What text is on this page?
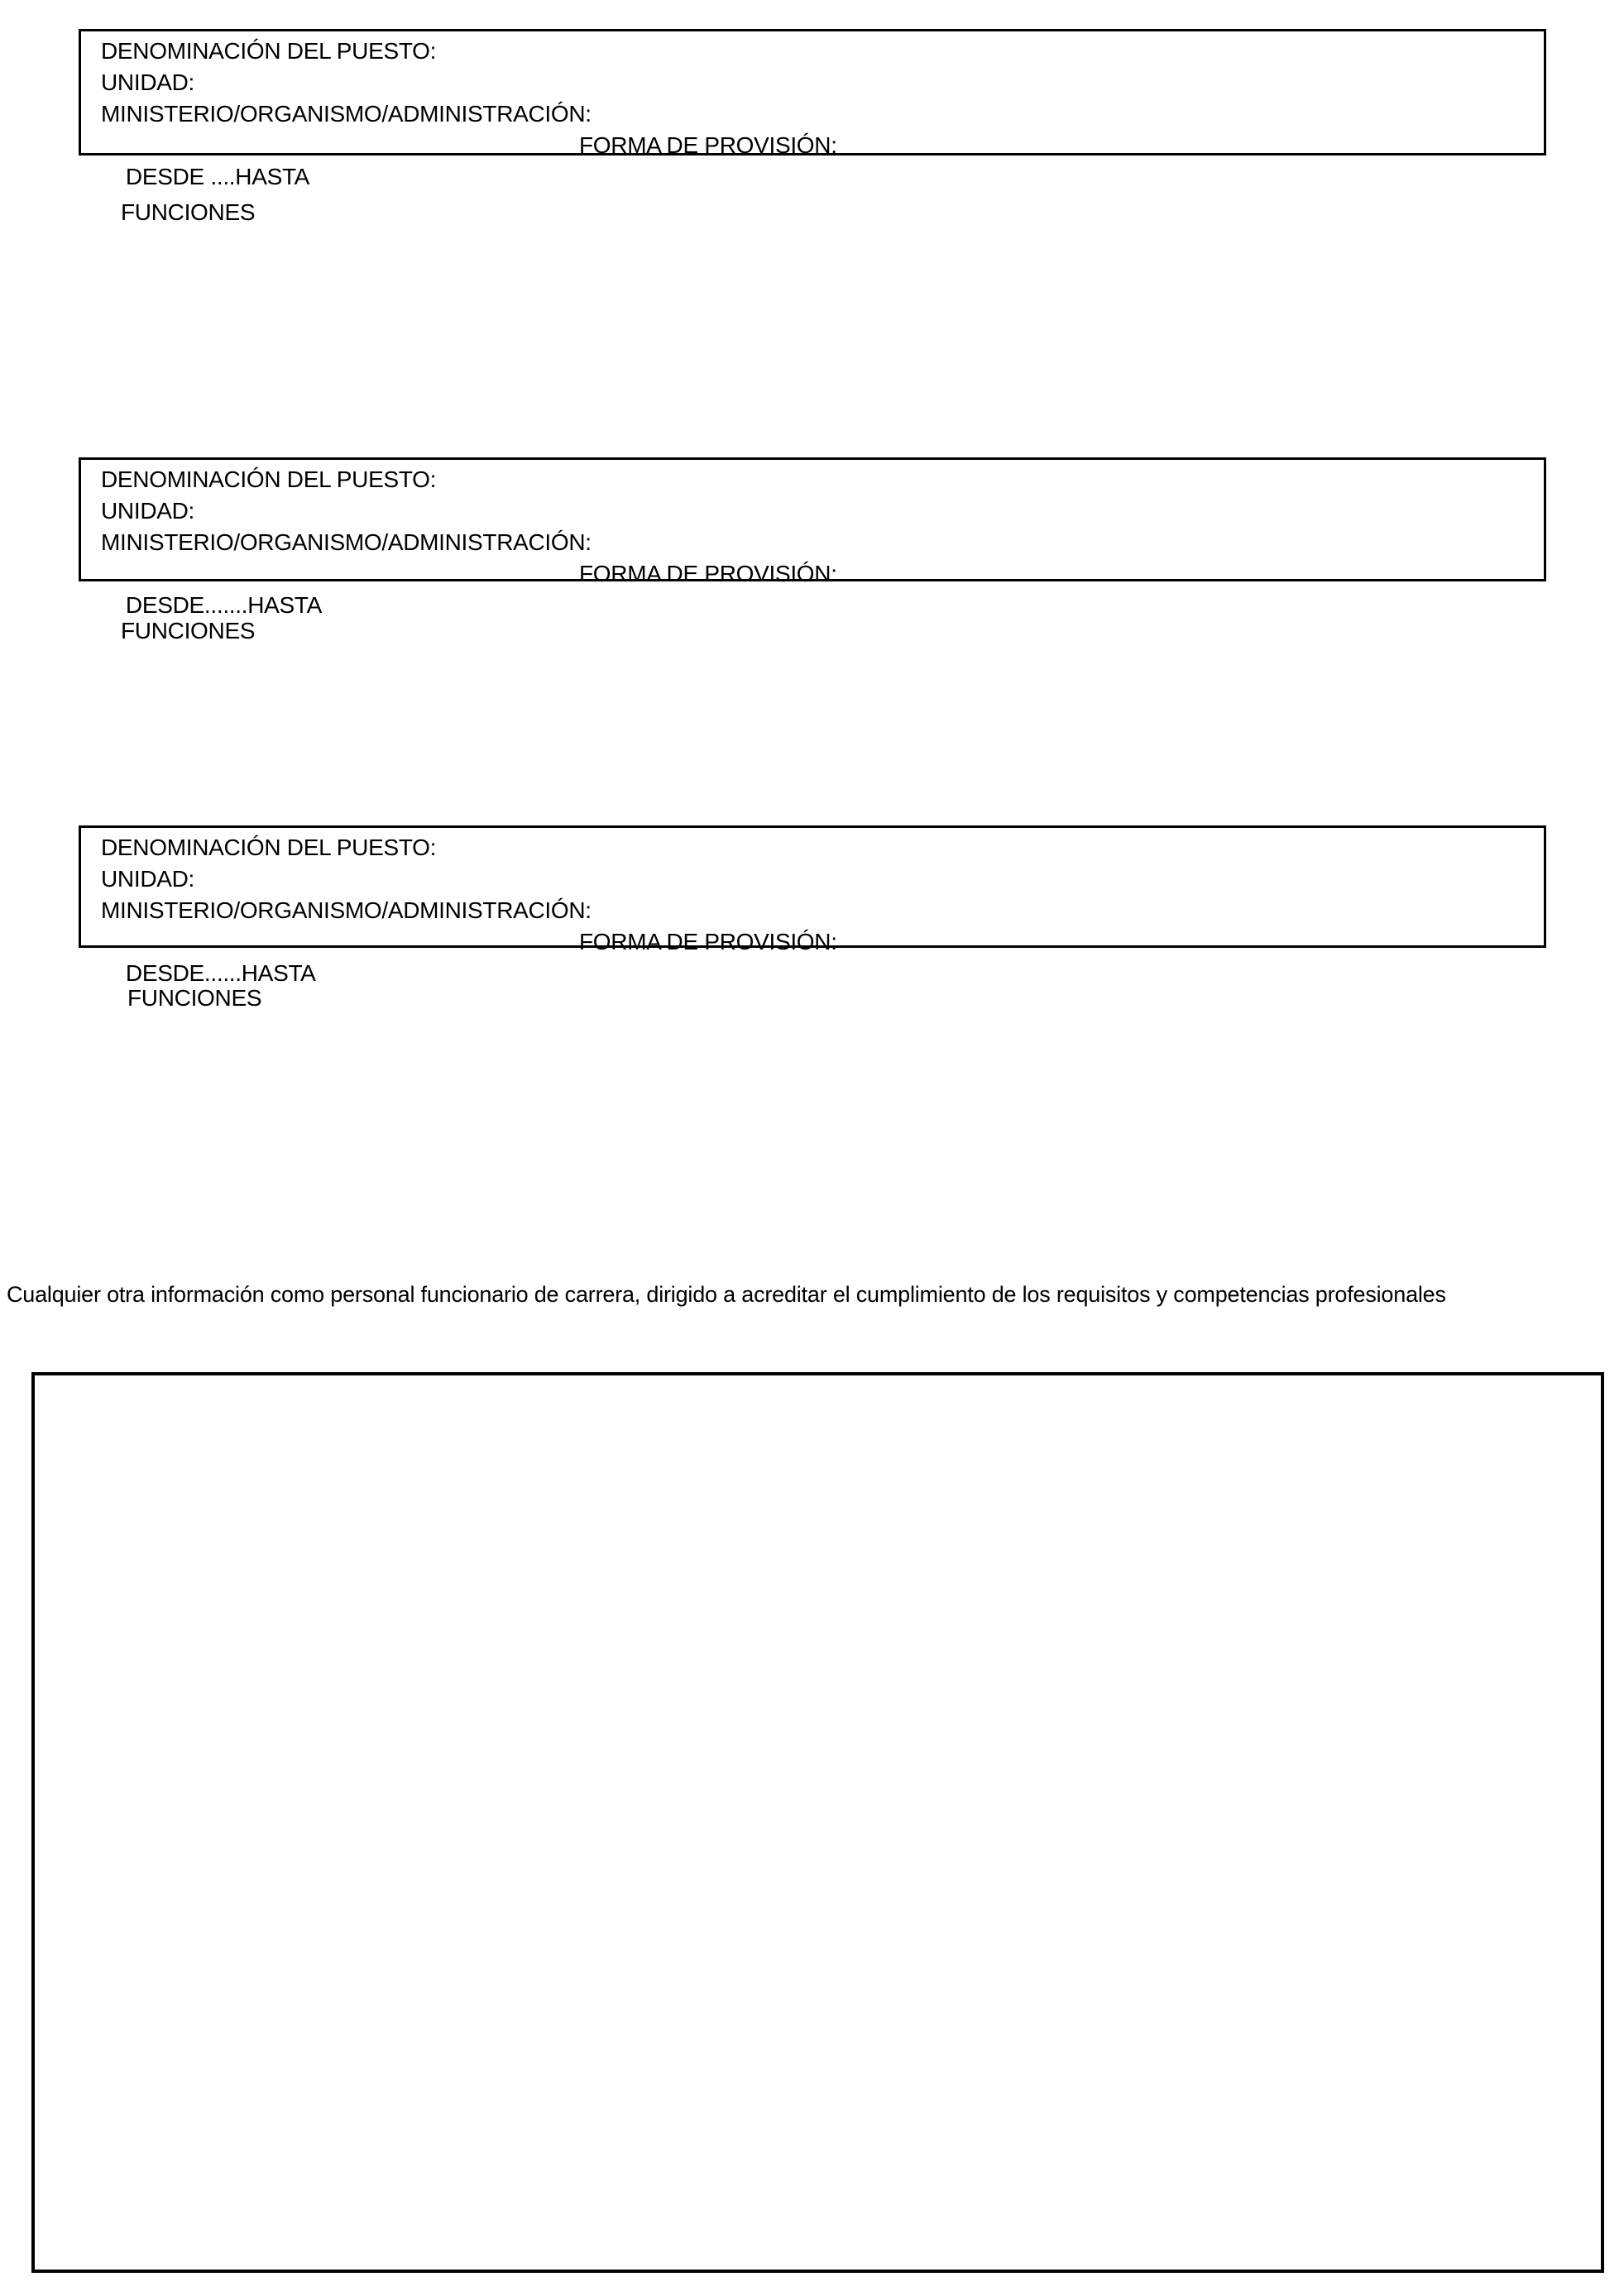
DENOMINACIÓN DEL PUESTO:
UNIDAD:
MINISTERIO/ORGANISMO/ADMINISTRACIÓN:

DESDE ....HASTA

FORMA DE PROVISIÓN:

FUNCIONES
DENOMINACIÓN DEL PUESTO:
UNIDAD:
MINISTERIO/ORGANISMO/ADMINISTRACIÓN:

DESDE.......HASTA

FORMA DE PROVISIÓN:

FUNCIONES
DENOMINACIÓN DEL PUESTO:
UNIDAD:
MINISTERIO/ORGANISMO/ADMINISTRACIÓN:

DESDE......HASTA

FORMA DE PROVISIÓN:

FUNCIONES
Cualquier otra información como personal funcionario de carrera, dirigido a acreditar el cumplimiento de los requisitos y competencias profesionales
